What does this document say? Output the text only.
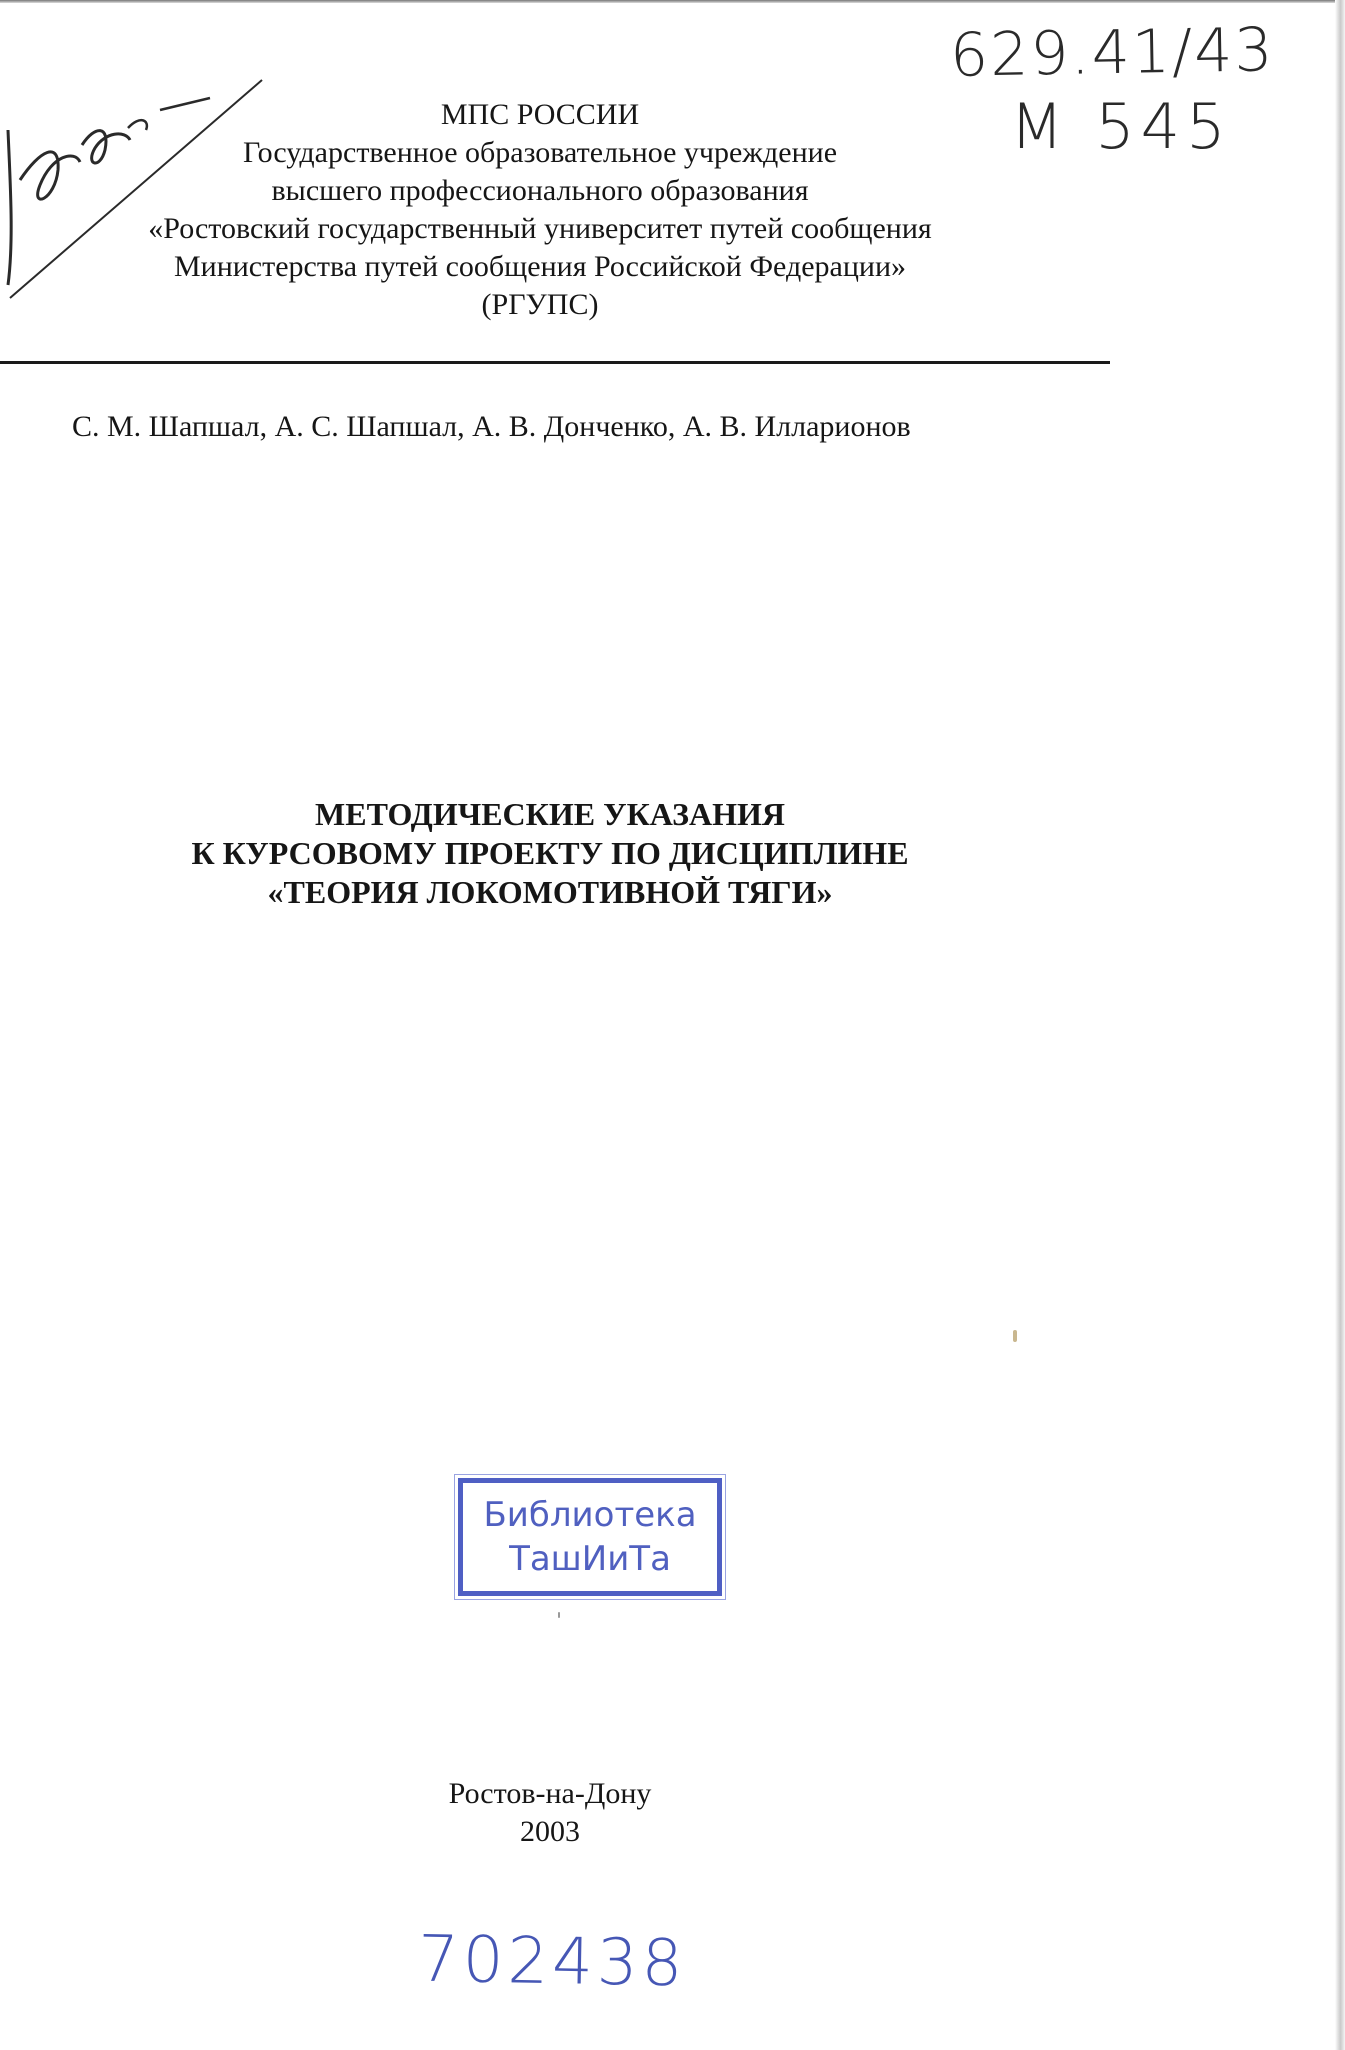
629.41/43
М 545
МПС РОССИИ
Государственное образовательное учреждение
высшего профессионального образования
«Ростовский государственный университет путей сообщения
Министерства путей сообщения Российской Федерации»
(РГУПС)
С. М. Шапшал, А. С. Шапшал, А. В. Донченко, А. В. Илларионов
МЕТОДИЧЕСКИЕ УКАЗАНИЯ
К КУРСОВОМУ ПРОЕКТУ ПО ДИСЦИПЛИНЕ
«ТЕОРИЯ ЛОКОМОТИВНОЙ ТЯГИ»
Библиотека
ТашИиТа
Ростов-на-Дону
2003
702438
